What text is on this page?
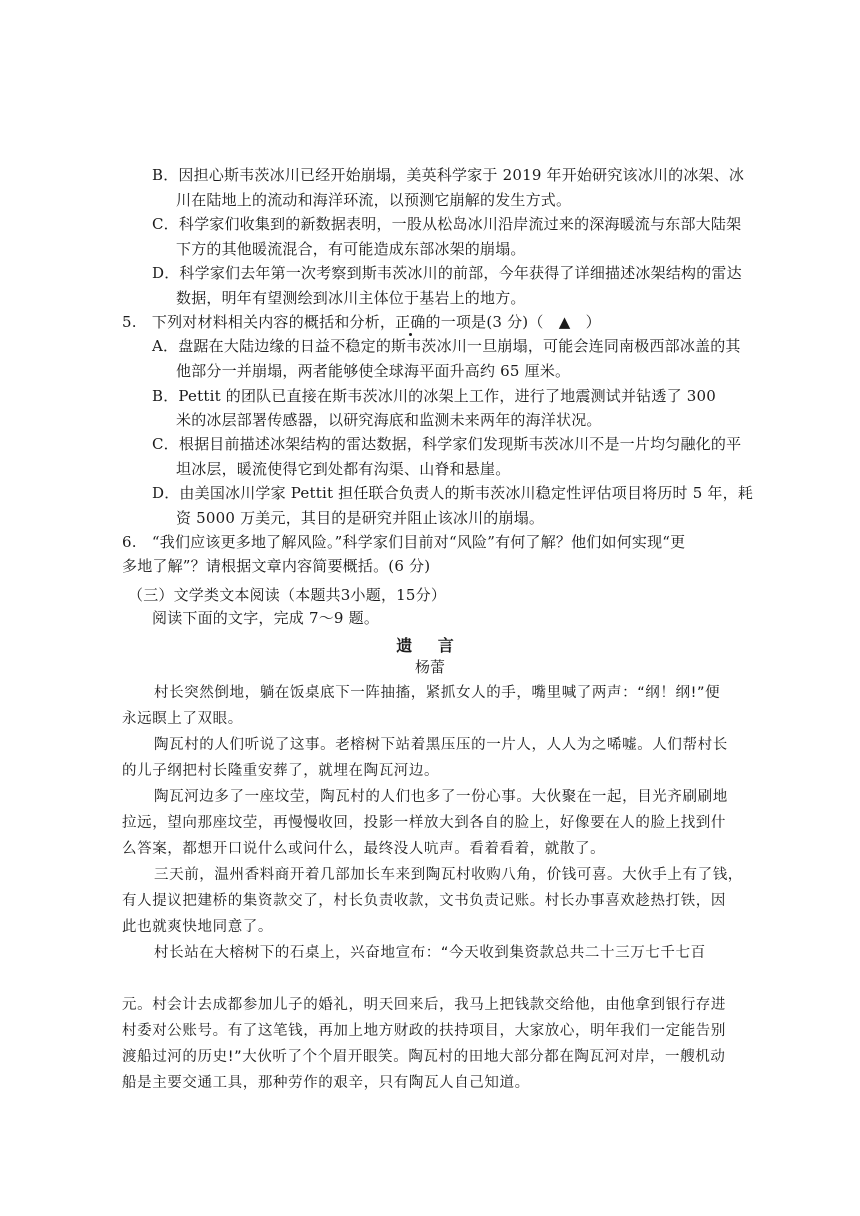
B．因担心斯韦茨冰川已经开始崩塌，美英科学家于 2019 年开始研究该冰川的冰架、冰
川在陆地上的流动和海洋环流，以预测它崩解的发生方式。
C．科学家们收集到的新数据表明，一股从松岛冰川沿岸流过来的深海暖流与东部大陆架
下方的其他暖流混合，有可能造成东部冰架的崩塌。
D．科学家们去年第一次考察到斯韦茨冰川的前部，今年获得了详细描述冰架结构的雷达
数据，明年有望测绘到冰川主体位于基岩上的地方。
5.　下列对材料相关内容的概括和分析，正确的一项是(3 分)（　▲　）
A．盘踞在大陆边缘的日益不稳定的斯韦茨冰川一旦崩塌，可能会连同南极西部冰盖的其
他部分一并崩塌，两者能够使全球海平面升高约 65 厘米。
B．Pettit 的团队已直接在斯韦茨冰川的冰架上工作，进行了地震测试并钻透了 300
米的冰层部署传感器，以研究海底和监测未来两年的海洋状况。
C．根据目前描述冰架结构的雷达数据，科学家们发现斯韦茨冰川不是一片均匀融化的平
坦冰层，暖流使得它到处都有沟渠、山脊和悬崖。
D．由美国冰川学家 Pettit 担任联合负责人的斯韦茨冰川稳定性评估项目将历时 5 年，耗
资 5000 万美元，其目的是研究并阻止该冰川的崩塌。
6.　“我们应该更多地了解风险。”科学家们目前对“风险”有何了解？他们如何实现“更
多地了解”？请根据文章内容简要概括。(6 分)
（三）文学类文本阅读（本题共3小题，15分）
阅读下面的文字，完成 7～9 题。
遗 言
杨蕾
村长突然倒地，躺在饭桌底下一阵抽搐，紧抓女人的手，嘴里喊了两声：“纲！纲!”便
永远瞑上了双眼。
陶瓦村的人们听说了这事。老榕树下站着黑压压的一片人，人人为之唏嘘。人们帮村长
的儿子纲把村长隆重安葬了，就埋在陶瓦河边。
陶瓦河边多了一座坟茔，陶瓦村的人们也多了一份心事。大伙聚在一起，目光齐刷刷地
拉远，望向那座坟茔，再慢慢收回，投影一样放大到各自的脸上，好像要在人的脸上找到什
么答案，都想开口说什么或问什么，最终没人吭声。看着看着，就散了。
三天前，温州香料商开着几部加长车来到陶瓦村收购八角，价钱可喜。大伙手上有了钱，
有人提议把建桥的集资款交了，村长负责收款，文书负责记账。村长办事喜欢趁热打铁，因
此也就爽快地同意了。
村长站在大榕树下的石桌上，兴奋地宣布：“今天收到集资款总共二十三万七千七百
元。村会计去成都参加儿子的婚礼，明天回来后，我马上把钱款交给他，由他拿到银行存进
村委对公账号。有了这笔钱，再加上地方财政的扶持项目，大家放心，明年我们一定能告别
渡船过河的历史!”大伙听了个个眉开眼笑。陶瓦村的田地大部分都在陶瓦河对岸，一艘机动
船是主要交通工具，那种劳作的艰辛，只有陶瓦人自己知道。
